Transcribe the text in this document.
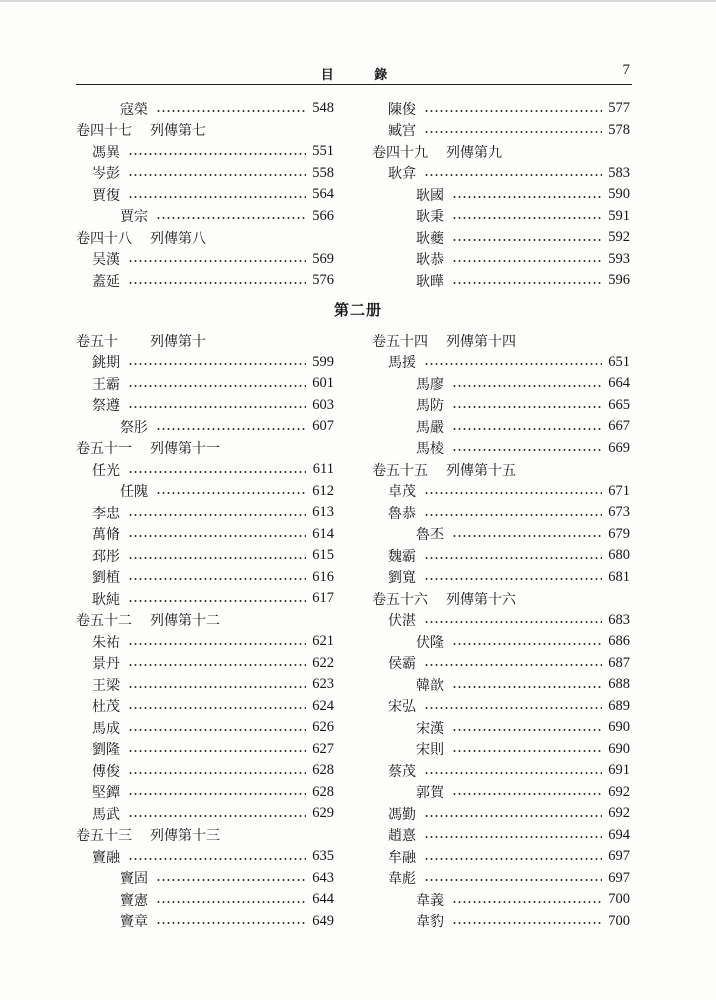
目 錄	7
寇榮	548
卷四十七	列傳第七
馮異	551
岑彭	558
賈復	564
賈宗	566
卷四十八	列傳第八
吴漢	569
蓋延	576
陳俊	577
臧宫	578
卷四十九	列傳第九
耿弇	583
耿國	590
耿秉	591
耿夔	592
耿恭	593
耿曄	596
第二册
卷五十	列傳第十
銚期	599
王霸	601
祭遵	603
祭肜	607
卷五十一	列傳第十一
任光	611
任隗	612
李忠	613
萬脩	614
邳彤	615
劉植	616
耿純	617
卷五十二	列傳第十二
朱祐	621
景丹	622
王梁	623
杜茂	624
馬成	626
劉隆	627
傅俊	628
堅鐔	628
馬武	629
卷五十三	列傳第十三
竇融	635
竇固	643
竇憲	644
竇章	649
卷五十四	列傳第十四
馬援	651
馬廖	664
馬防	665
馬嚴	667
馬棱	669
卷五十五	列傳第十五
卓茂	671
魯恭	673
魯丕	679
魏霸	680
劉寬	681
卷五十六	列傳第十六
伏湛	683
伏隆	686
侯霸	687
韓歆	688
宋弘	689
宋漢	690
宋則	690
蔡茂	691
郭賀	692
馮勤	692
趙憙	694
牟融	697
韋彪	697
韋義	700
韋豹	700
